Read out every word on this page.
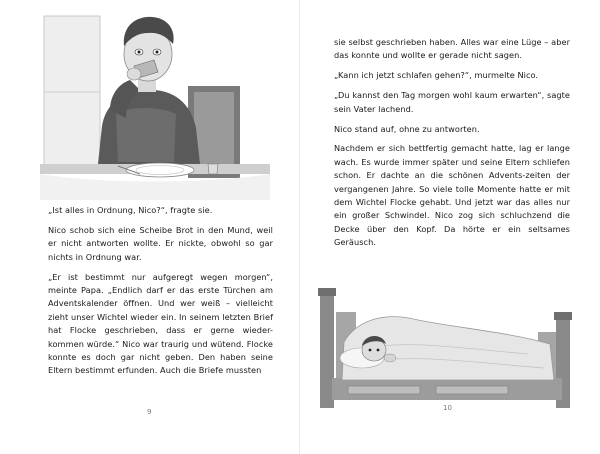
„Ist alles in Ordnung, Nico?“, fragte sie.

Nico schob sich eine Scheibe Brot in den Mund, weil er nicht antworten wollte. Er nickte, obwohl so gar nichts in Ordnung war.

„Er ist bestimmt nur aufgeregt wegen morgen“, meinte Papa. „Endlich darf er das erste Türchen am Adventskalender öffnen. Und wer weiß – vielleicht zieht unser Wichtel wieder ein. In seinem letzten Brief hat Flocke geschrieben, dass er gerne wieder-kommen würde.“ Nico war traurig und wütend. Flocke konnte es doch gar nicht geben. Den haben seine Eltern bestimmt erfunden. Auch die Briefe mussten

9

sie selbst geschrieben haben. Alles war eine Lüge – aber das konnte und wollte er gerade nicht sagen.

„Kann ich jetzt schlafen gehen?“, murmelte Nico.

„Du kannst den Tag morgen wohl kaum erwarten“, sagte sein Vater lachend.

Nico stand auf, ohne zu antworten.

Nachdem er sich bettfertig gemacht hatte, lag er lange wach. Es wurde immer später und seine Eltern schliefen schon. Er dachte an die schönen Advents-zeiten der vergangenen Jahre. So viele tolle Momente hatte er mit dem Wichtel Flocke gehabt. Und jetzt war das alles nur ein großer Schwindel. Nico zog sich schluchzend die Decke über den Kopf. Da hörte er ein seltsames Geräusch.

10
